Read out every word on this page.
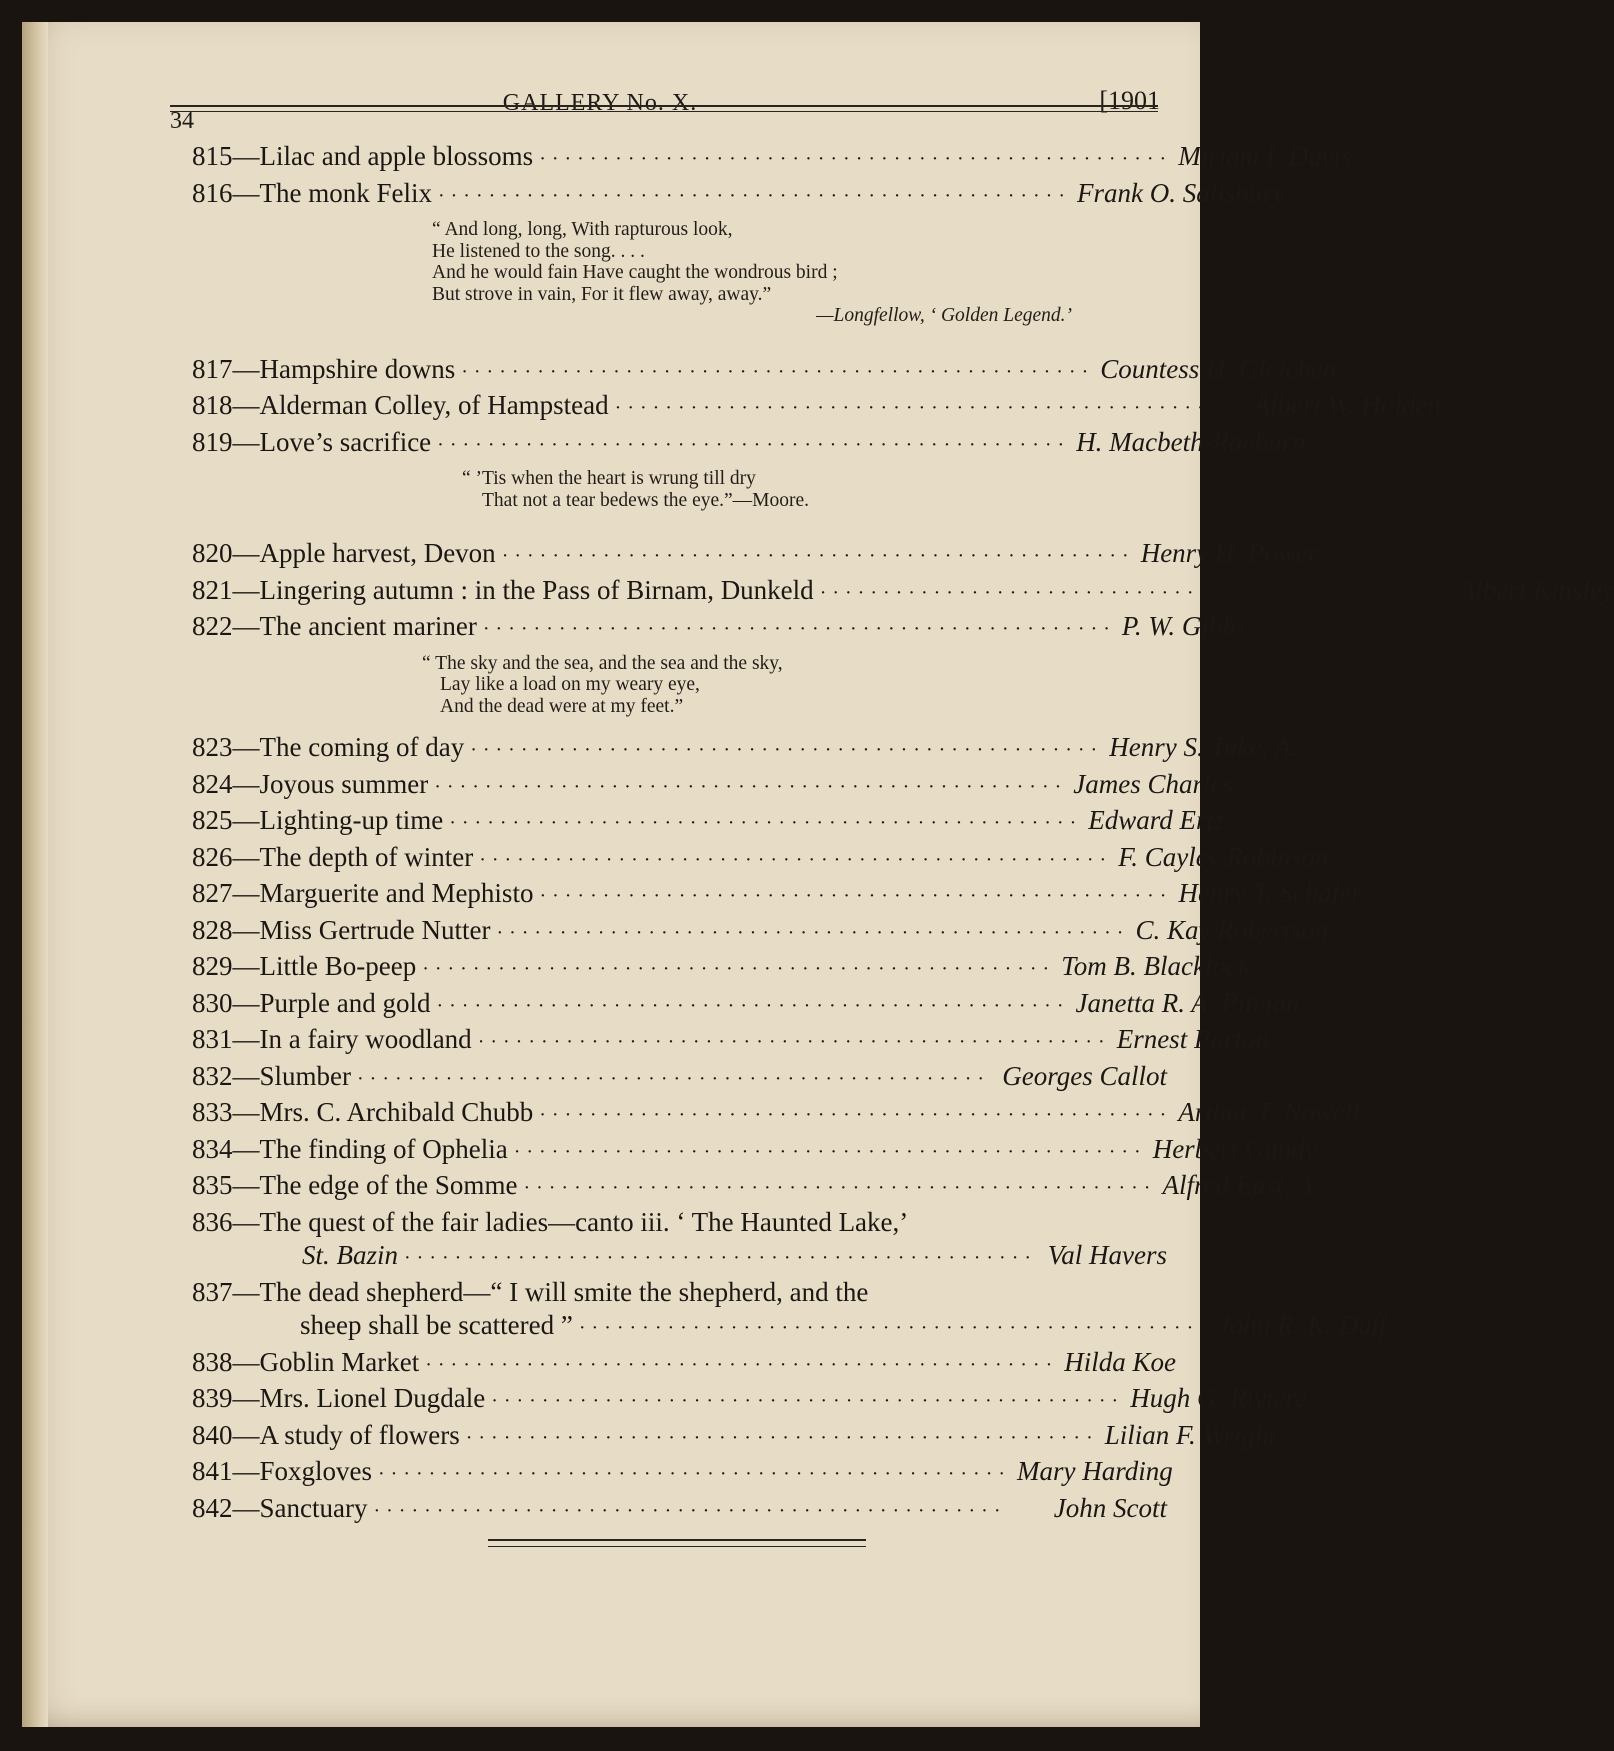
34
GALLERY No. X.	[1901
815—Lilac and apple blossoms ·················································· Miriam I. Davis
816—The monk Felix ·················································· Frank O. Salisbury
“ And long, long, With rapturous look,
He listened to the song. . . .
And he would fain Have caught the wondrous bird ;
But strove in vain, For it flew away, away.”
—Longfellow, ‘ Golden Legend.’
817—Hampshire downs ·················································· Countess H. Gleichen
818—Alderman Colley, of Hampstead ·················································· Albert W. Holden
819—Love’s sacrifice ·················································· H. Macbeth-Raeburn
“ ’Tis when the heart is wrung till dry
That not a tear bedews the eye.”—Moore.
820—Apple harvest, Devon ·················································· Henry H. Power
821—Lingering autumn : in the Pass of Birnam, Dunkeld ·················································· Albert Kinsley
822—The ancient mariner ·················································· P. W. Gibbs
“ The sky and the sea, and the sea and the sky,
Lay like a load on my weary eye,
And the dead were at my feet.”
823—The coming of day ·················································· Henry S. Tuke, A.
824—Joyous summer ·················································· James Charles
825—Lighting-up time ·················································· Edward Ertz
826—The depth of winter ·················································· F. Cayley Robinson
827—Marguerite and Mephisto ·················································· Henry T. Schäfer
828—Miss Gertrude Nutter ·················································· C. Kay Robertson
829—Little Bo-peep ·················································· Tom B. Blacklock
830—Purple and gold ·················································· Janetta R. A. Pitman
831—In a fairy woodland ·················································· Ernest Parton
832—Slumber ·················································· Georges Callot
833—Mrs. C. Archibald Chubb ·················································· Arthur T. Nowell
834—The finding of Ophelia ·················································· Herbert Gandy
835—The edge of the Somme ·················································· Alfred East, A.
836—The quest of the fair ladies—canto iii. ‘ The Haunted Lake,’
St. Bazin ·················································· Val Havers
837—The dead shepherd—“ I will smite the shepherd, and the
sheep shall be scattered ” ·················································· John R. K. Duff
838—Goblin Market ·················································· Hilda Koe
839—Mrs. Lionel Dugdale ·················································· Hugh G. Riviere
840—A study of flowers ·················································· Lilian F. Wright
841—Foxgloves ·················································· Mary Harding
842—Sanctuary ··················································	John Scott
